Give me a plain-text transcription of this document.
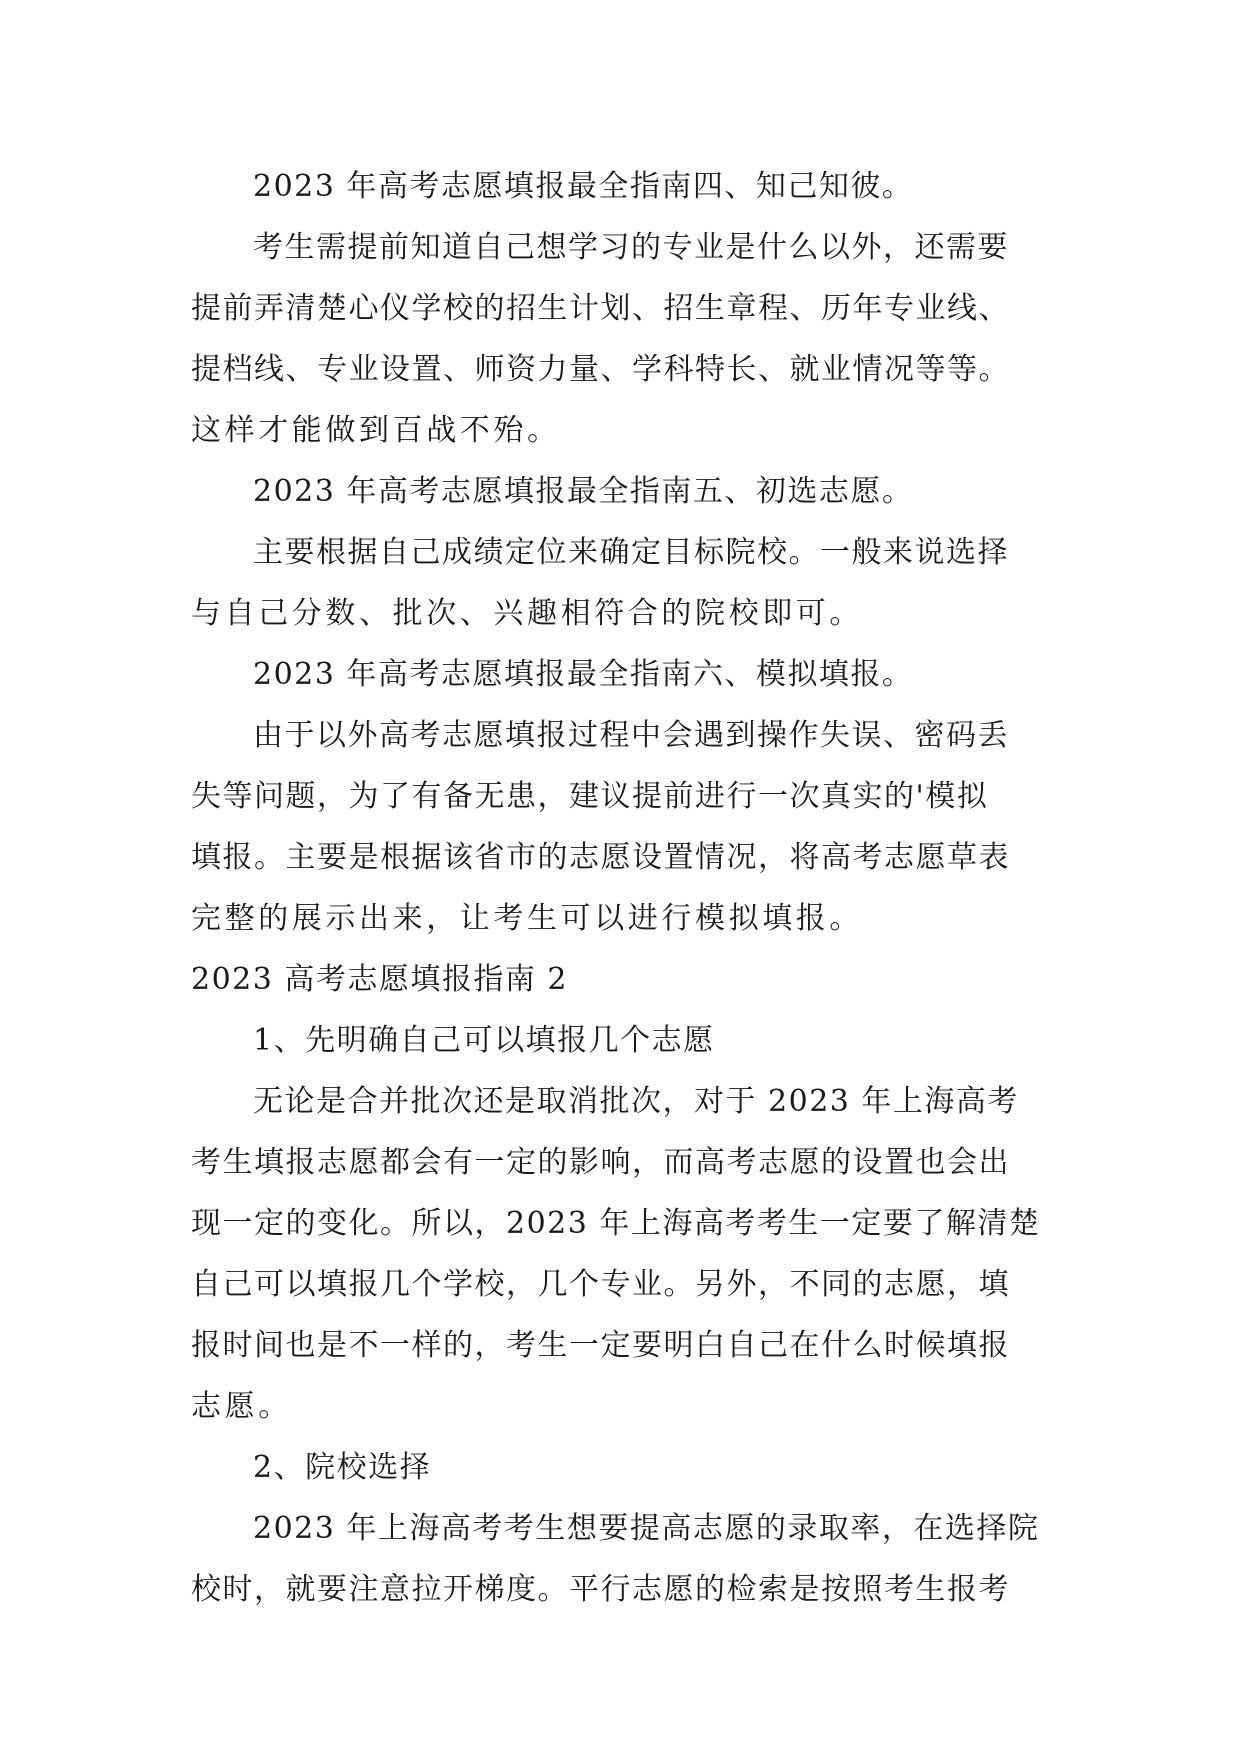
2023 年高考志愿填报最全指南四、知己知彼。

考生需提前知道自己想学习的专业是什么以外，还需要

提前弄清楚心仪学校的招生计划、招生章程、历年专业线、

提档线、专业设置、师资力量、学科特长、就业情况等等。

这样才能做到百战不殆。

2023 年高考志愿填报最全指南五、初选志愿。

主要根据自己成绩定位来确定目标院校。一般来说选择

与自己分数、批次、兴趣相符合的院校即可。

2023 年高考志愿填报最全指南六、模拟填报。

由于以外高考志愿填报过程中会遇到操作失误、密码丢

失等问题，为了有备无患，建议提前进行一次真实的'模拟

填报。主要是根据该省市的志愿设置情况，将高考志愿草表

完整的展示出来，让考生可以进行模拟填报。

2023 高考志愿填报指南 2

1、先明确自己可以填报几个志愿

无论是合并批次还是取消批次，对于 2023 年上海高考

考生填报志愿都会有一定的影响，而高考志愿的设置也会出

现一定的变化。所以，2023 年上海高考考生一定要了解清楚

自己可以填报几个学校，几个专业。另外，不同的志愿，填

报时间也是不一样的，考生一定要明白自己在什么时候填报

志愿。

2、院校选择

2023 年上海高考考生想要提高志愿的录取率，在选择院

校时，就要注意拉开梯度。平行志愿的检索是按照考生报考
